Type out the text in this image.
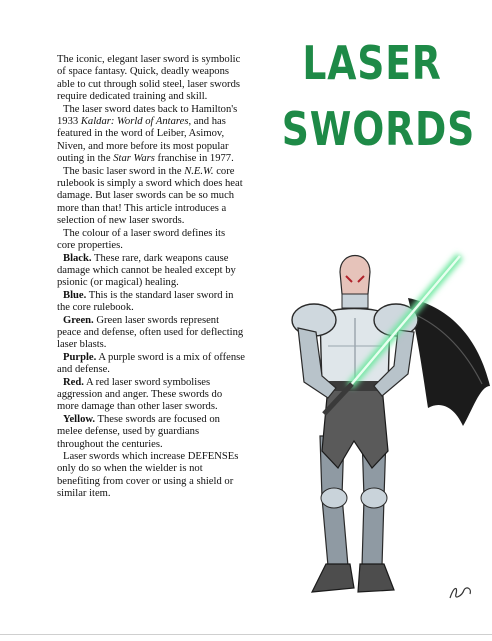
LASER
SWORDS

The iconic, elegant laser sword is symbolic of space fantasy. Quick, deadly weapons able to cut through solid steel, laser swords require dedicated training and skill.

The laser sword dates back to Hamilton's 1933 Kaldar: World of Antares, and has featured in the word of Leiber, Asimov, Niven, and more before its most popular outing in the Star Wars franchise in 1977.

The basic laser sword in the N.E.W. core rulebook is simply a sword which does heat damage. But laser swords can be so much more than that! This article introduces a selection of new laser swords.

The colour of a laser sword defines its core properties.

Black. These rare, dark weapons cause damage which cannot be healed except by psionic (or magical) healing.

Blue. This is the standard laser sword in the core rulebook.

Green. Green laser swords represent peace and defense, often used for deflecting laser blasts.

Purple. A purple sword is a mix of offense and defense.

Red. A red laser sword symbolises aggression and anger. These swords do more damage than other laser swords.

Yellow. These swords are focused on melee defense, used by guardians throughout the centuries.

Laser swords which increase DEFENSEs only do so when the wielder is not benefiting from cover or using a shield or similar item.
